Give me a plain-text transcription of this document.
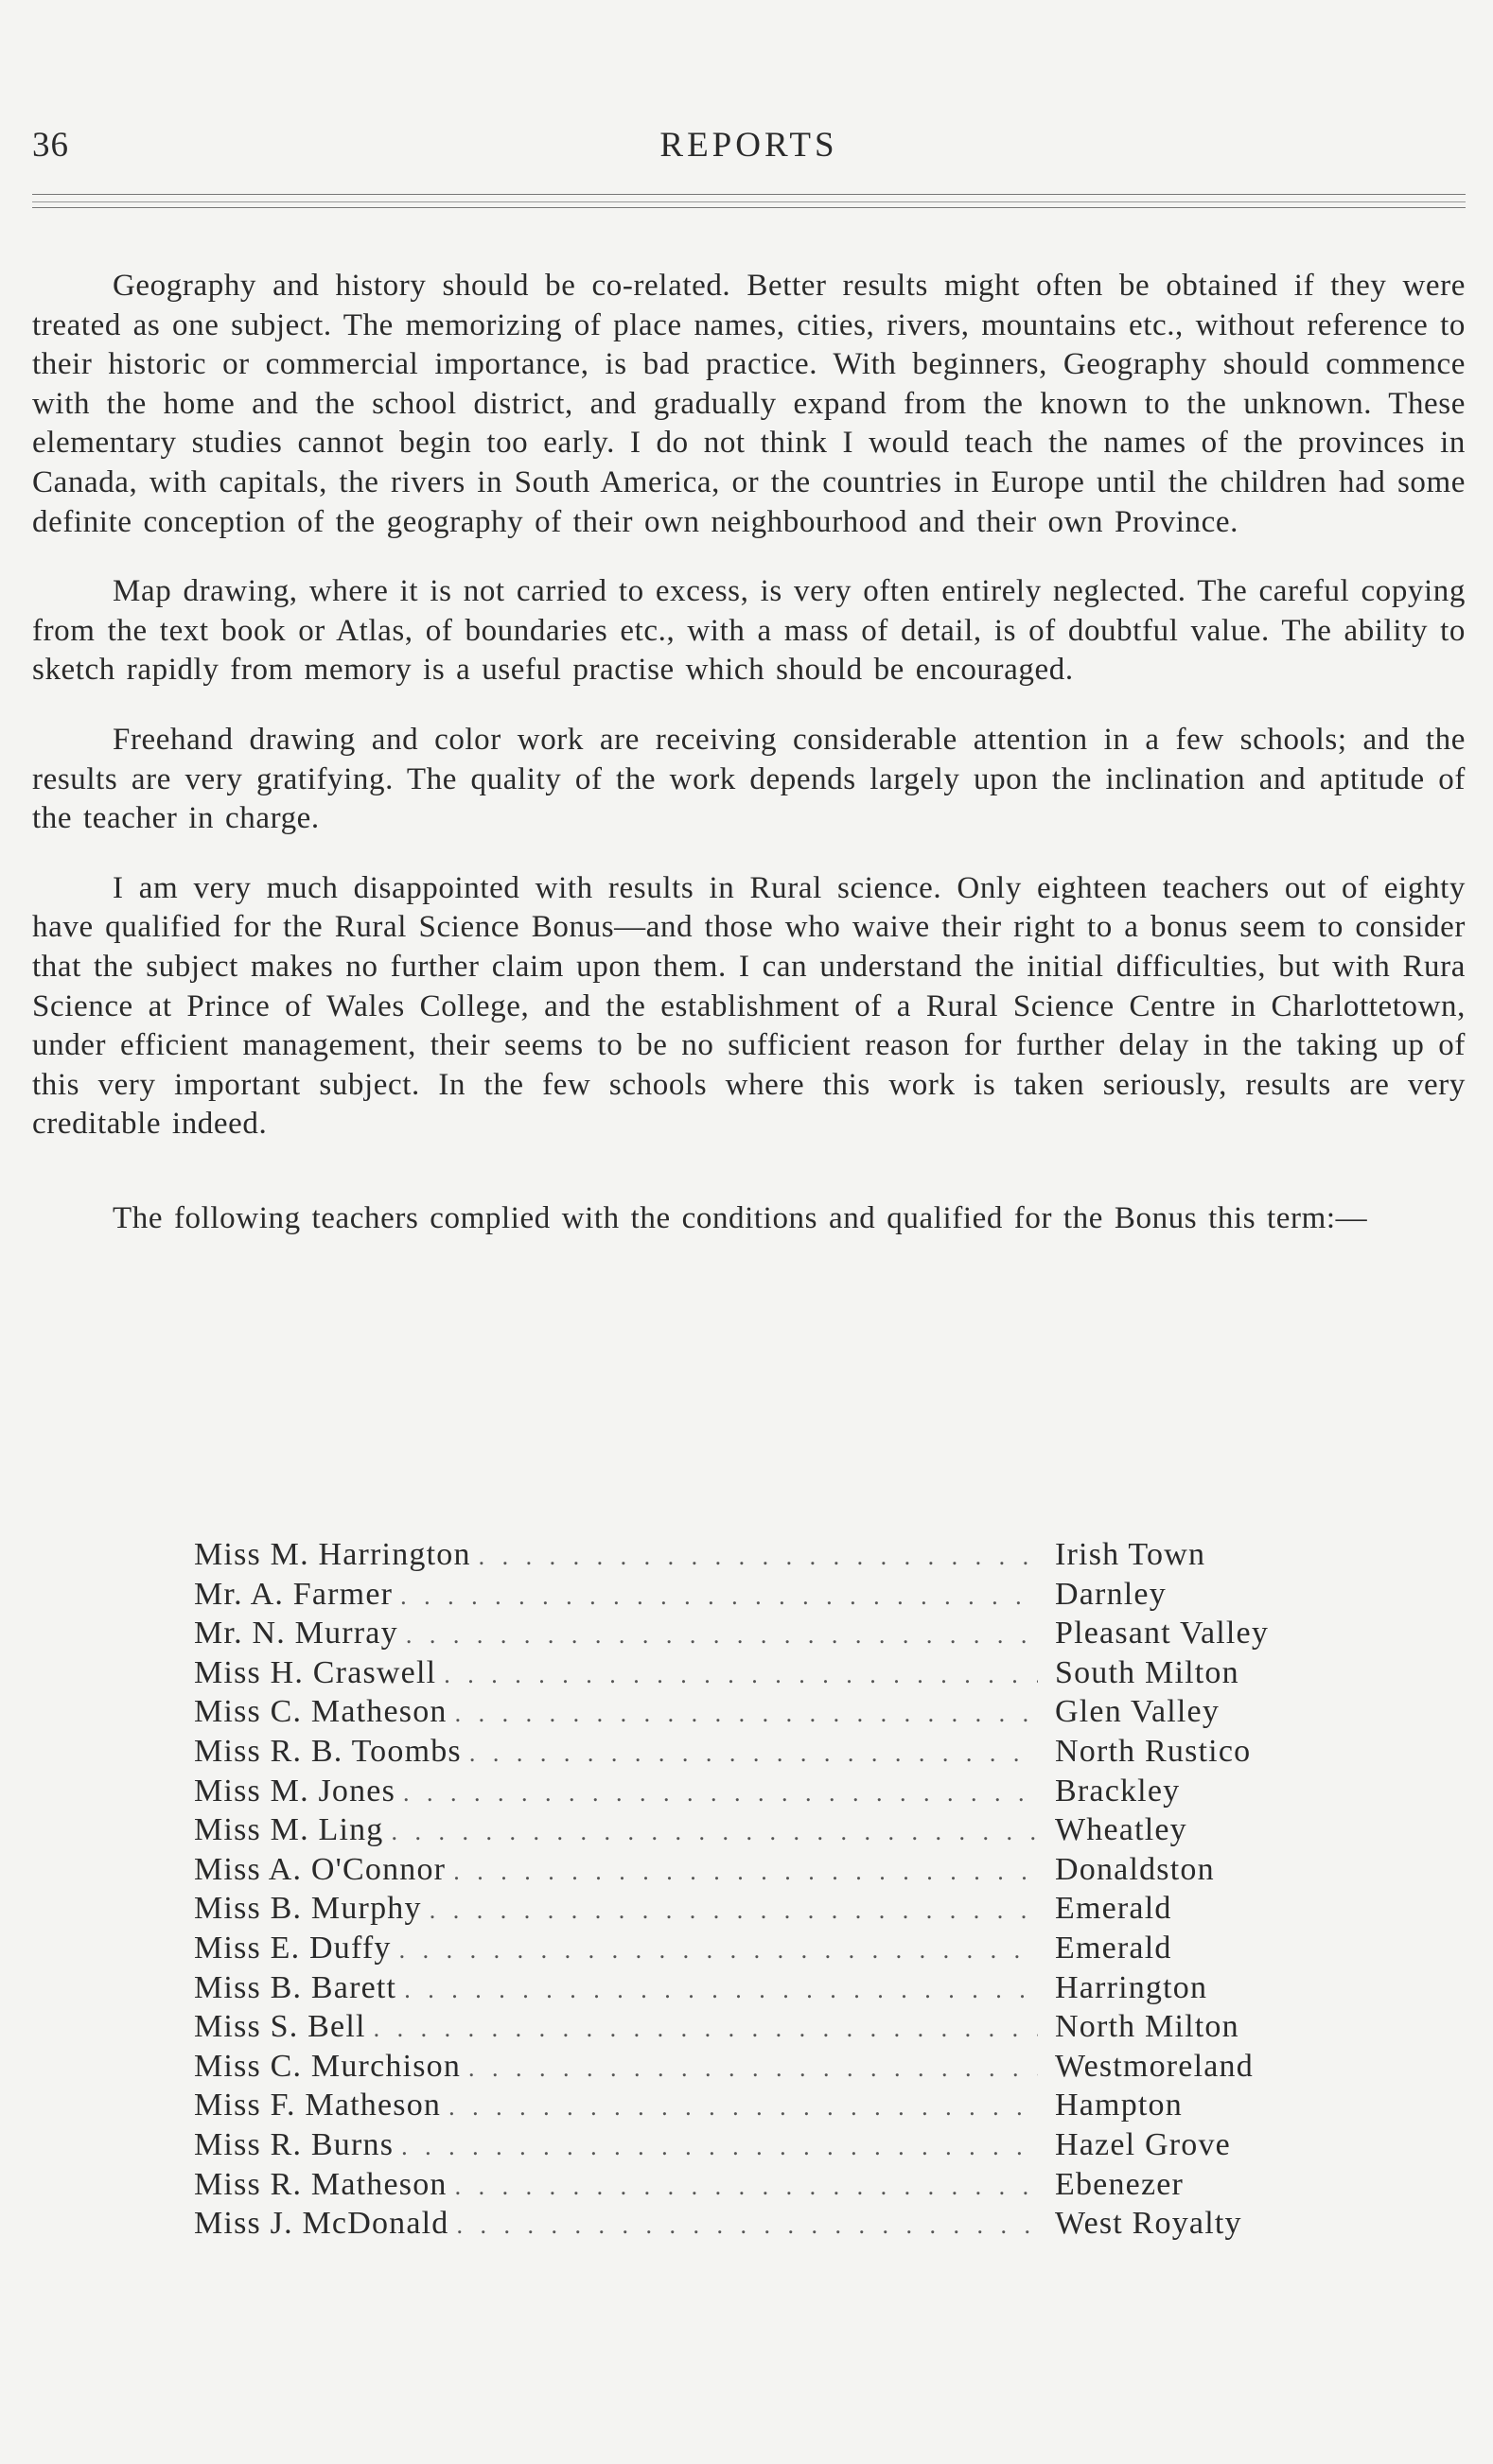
36	REPORTS

Geography and history should be co-related. Better results might often be obtained if they were treated as one subject. The memorizing of place names, cities, rivers, mountains etc., without reference to their historic or commercial importance, is bad practice. With beginners, Geography should commence with the home and the school district, and gradually expand from the known to the unknown. These elementary studies cannot begin too early. I do not think I would teach the names of the provinces in Canada, with capitals, the rivers in South America, or the countries in Europe until the children had some definite conception of the geography of their own neighbourhood and their own Province.

Map drawing, where it is not carried to excess, is very often entirely neglected. The careful copying from the text book or Atlas, of boundaries etc., with a mass of detail, is of doubtful value. The ability to sketch rapidly from memory is a useful practise which should be encouraged.

Freehand drawing and color work are receiving considerable attention in a few schools; and the results are very gratifying. The quality of the work depends largely upon the inclination and aptitude of the teacher in charge.

I am very much disappointed with results in Rural science. Only eighteen teachers out of eighty have qualified for the Rural Science Bonus—and those who waive their right to a bonus seem to consider that the subject makes no further claim upon them. I can understand the initial difficulties, but with Rura Science at Prince of Wales College, and the establishment of a Rural Science Centre in Charlottetown, under efficient management, their seems to be no sufficient reason for further delay in the taking up of this very important subject. In the few schools where this work is taken seriously, results are very creditable indeed.

The following teachers complied with the conditions and qualified for the Bonus this term:—

Miss M. Harrington . . .	Irish Town
Mr. A. Farmer . . .	Darnley
Mr. N. Murray . . .	Pleasant Valley
Miss H. Craswell . . .	South Milton
Miss C. Matheson . . .	Glen Valley
Miss R. B. Toombs . . .	North Rustico
Miss M. Jones . . .	Brackley
Miss M. Ling . . .	Wheatley
Miss A. O'Connor . . .	Donaldston
Miss B. Murphy . . .	Emerald
Miss E. Duffy . . .	Emerald
Miss B. Barett . . .	Harrington
Miss S. Bell . . .	North Milton
Miss C. Murchison . . .	Westmoreland
Miss F. Matheson . . .	Hampton
Miss R. Burns . . .	Hazel Grove
Miss R. Matheson . . .	Ebenezer
Miss J. McDonald . . .	West Royalty
